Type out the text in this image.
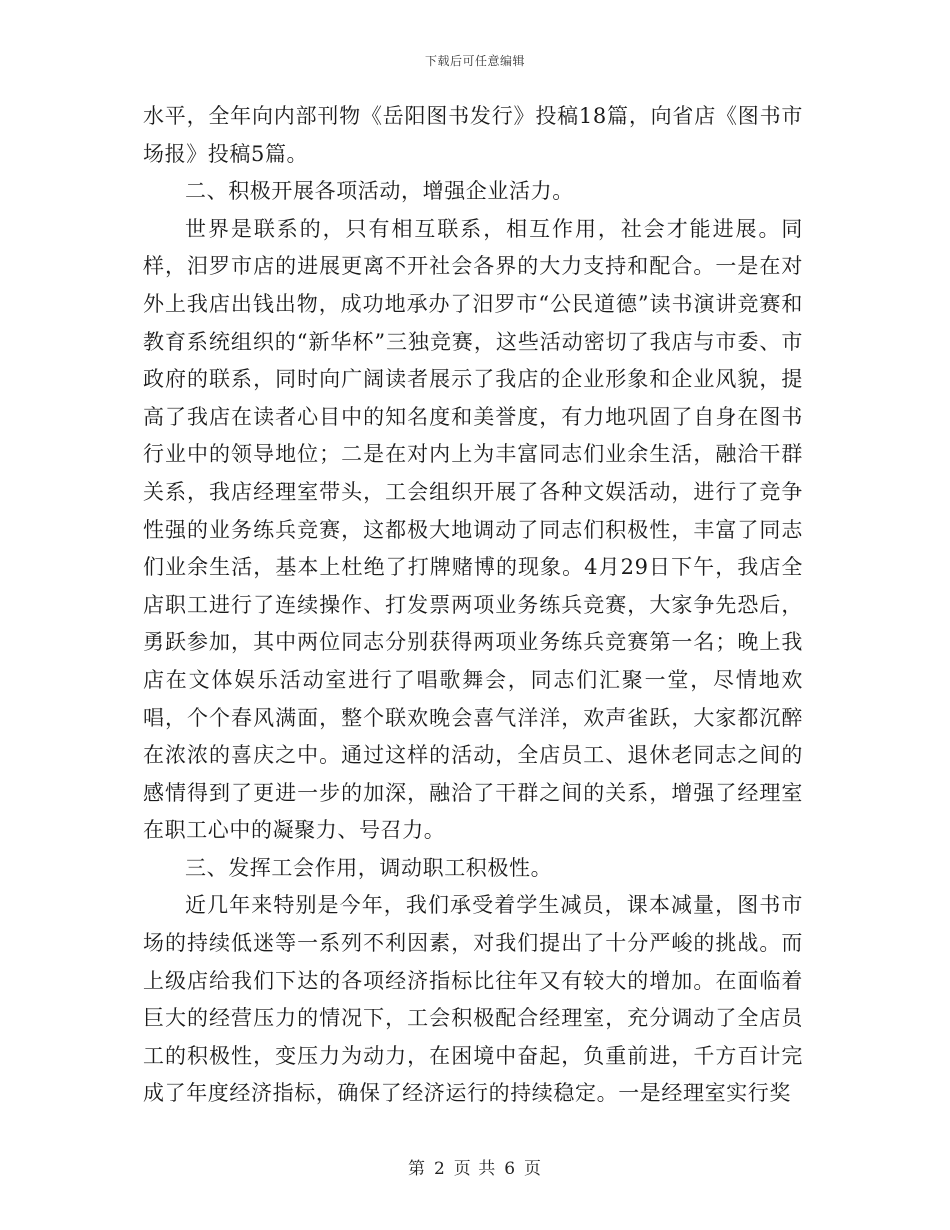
下载后可任意编辑

水平，全年向内部刊物《岳阳图书发行》投稿18篇，向省店《图书市场报》投稿5篇。

二、积极开展各项活动，增强企业活力。

世界是联系的，只有相互联系，相互作用，社会才能进展。同样，汨罗市店的进展更离不开社会各界的大力支持和配合。一是在对外上我店出钱出物，成功地承办了汨罗市“公民道德”读书演讲竞赛和教育系统组织的“新华杯”三独竞赛，这些活动密切了我店与市委、市政府的联系，同时向广阔读者展示了我店的企业形象和企业风貌，提高了我店在读者心目中的知名度和美誉度，有力地巩固了自身在图书行业中的领导地位；二是在对内上为丰富同志们业余生活，融洽干群关系，我店经理室带头，工会组织开展了各种文娱活动，进行了竞争性强的业务练兵竞赛，这都极大地调动了同志们积极性，丰富了同志们业余生活，基本上杜绝了打牌赌博的现象。4月29日下午，我店全店职工进行了连续操作、打发票两项业务练兵竞赛，大家争先恐后，勇跃参加，其中两位同志分别获得两项业务练兵竞赛第一名；晚上我店在文体娱乐活动室进行了唱歌舞会，同志们汇聚一堂，尽情地欢唱，个个春风满面，整个联欢晚会喜气洋洋，欢声雀跃，大家都沉醉在浓浓的喜庆之中。通过这样的活动，全店员工、退休老同志之间的感情得到了更进一步的加深，融洽了干群之间的关系，增强了经理室在职工心中的凝聚力、号召力。

三、发挥工会作用，调动职工积极性。

近几年来特别是今年，我们承受着学生减员，课本减量，图书市场的持续低迷等一系列不利因素，对我们提出了十分严峻的挑战。而上级店给我们下达的各项经济指标比往年又有较大的增加。在面临着巨大的经营压力的情况下，工会积极配合经理室，充分调动了全店员工的积极性，变压力为动力，在困境中奋起，负重前进，千方百计完成了年度经济指标，确保了经济运行的持续稳定。一是经理室实行奖

第 2 页 共 6 页
